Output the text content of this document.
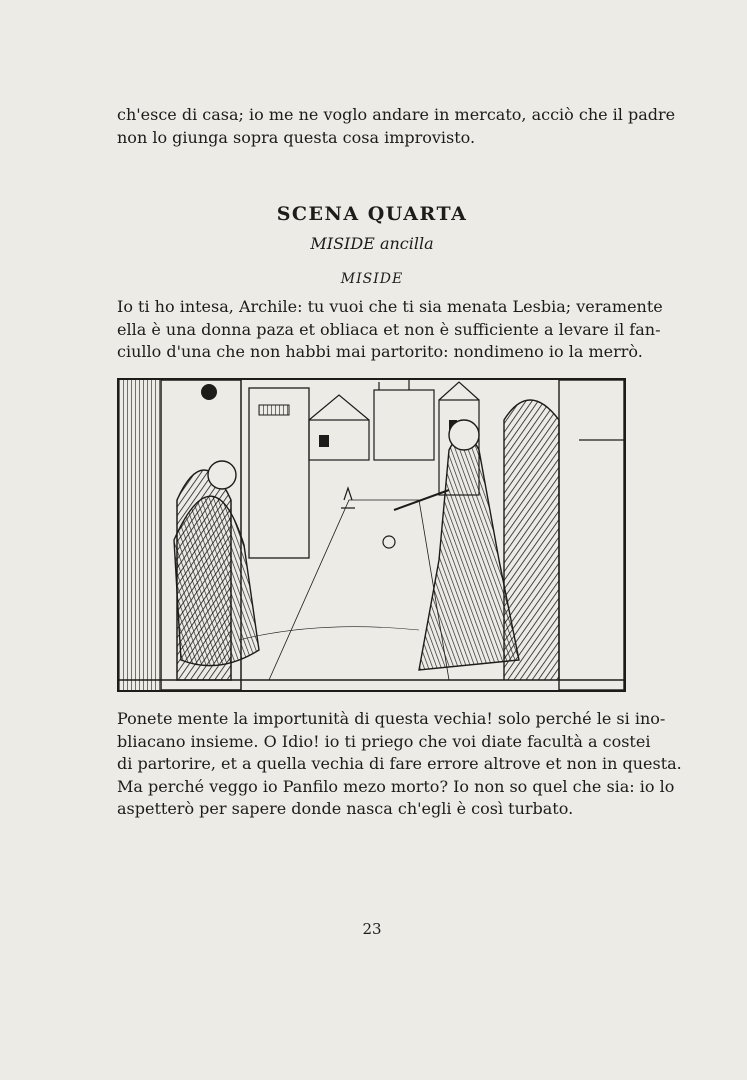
ch'esce di casa; io me ne voglo andare in mercato, acciò che il padre
non lo giunga sopra questa cosa improvisto.

SCENA QUARTA
MISIDE ancilla
MISIDE

Io ti ho intesa, Archile: tu vuoi che ti sia menata Lesbia; veramente
ella è una donna paza et obliaca et non è sufficiente a levare il fan-
ciullo d'una che non habbi mai partorito: nondimeno io la merrò.

Ponete mente la importunità di questa vechia! solo perché le si ino-
bliacano insieme. O Idio! io ti priego che voi diate facultà a costei
di partorire, et a quella vechia di fare errore altrove et non in questa.
Ma perché veggo io Panfilo mezo morto? Io non so quel che sia: io lo
aspetterò per sapere donde nasca ch'egli è così turbato.

23
